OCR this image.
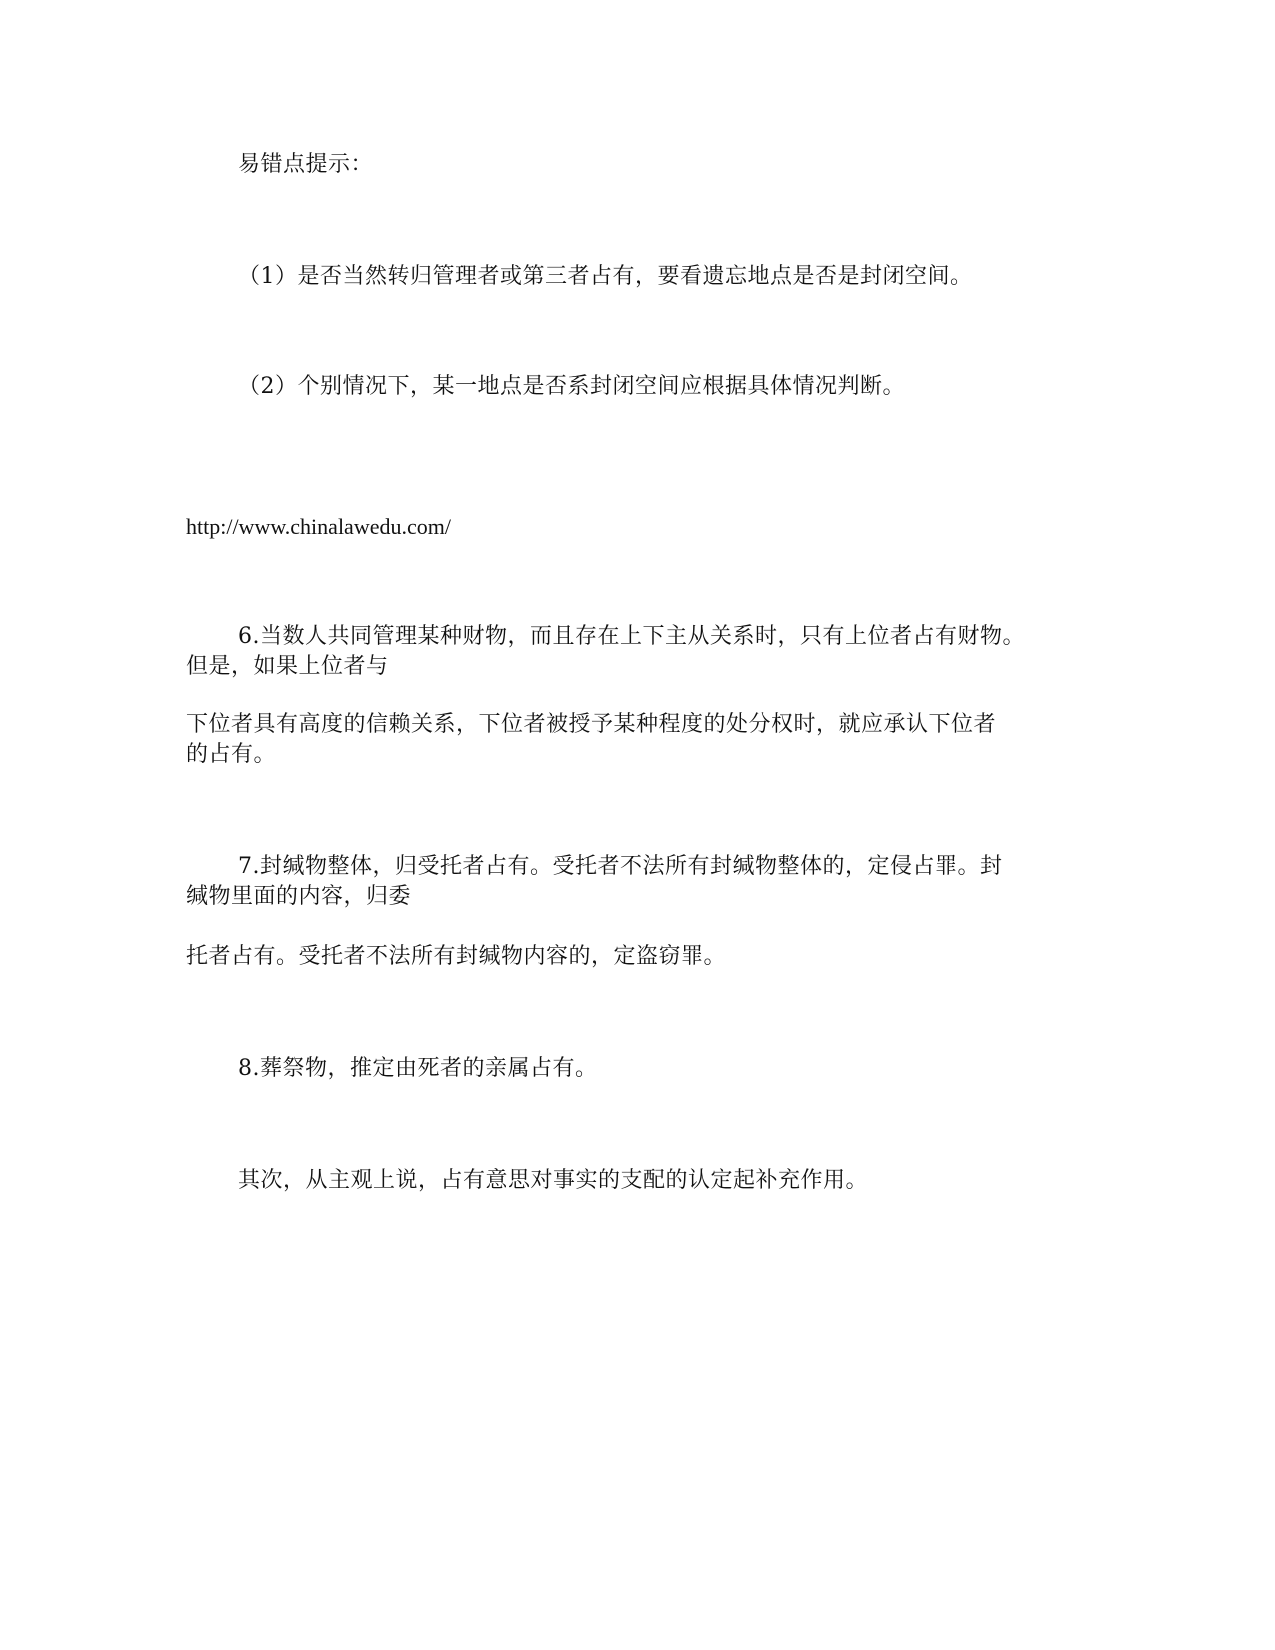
易错点提示：
（1）是否当然转归管理者或第三者占有，要看遗忘地点是否是封闭空间。
（2）个别情况下，某一地点是否系封闭空间应根据具体情况判断。
http://www.chinalawedu.com/
6.当数人共同管理某种财物，而且存在上下主从关系时，只有上位者占有财物。
但是，如果上位者与
下位者具有高度的信赖关系，下位者被授予某种程度的处分权时，就应承认下位者
的占有。
7.封缄物整体，归受托者占有。受托者不法所有封缄物整体的，定侵占罪。封
缄物里面的内容，归委
托者占有。受托者不法所有封缄物内容的，定盗窃罪。
8.葬祭物，推定由死者的亲属占有。
其次，从主观上说，占有意思对事实的支配的认定起补充作用。
